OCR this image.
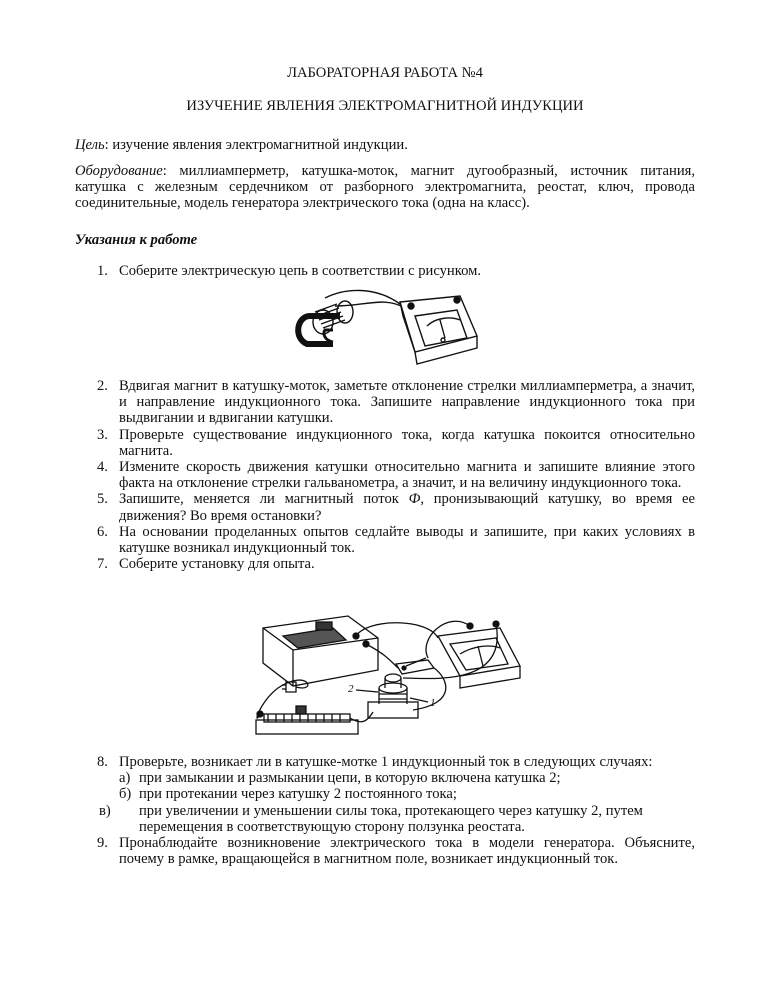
ЛАБОРАТОРНАЯ РАБОТА №4
ИЗУЧЕНИЕ ЯВЛЕНИЯ ЭЛЕКТРОМАГНИТНОЙ ИНДУКЦИИ
Цель: изучение явления электромагнитной индукции.
Оборудование: миллиамперметр, катушка-моток, магнит дугообразный, источник питания, катушка с железным сердечником от разборного электромагнита, реостат, ключ, провода соединительные, модель генератора электрического тока (одна на класс).
Указания к работе
1. Соберите электрическую цепь в соответствии с рисунком.
2. Вдвигая магнит в катушку-моток, заметьте отклонение стрелки миллиамперметра, а значит, и направление индукционного тока. Запишите направление индукционного тока при выдвигании и вдвигании катушки.
3. Проверьте существование индукционного тока, когда катушка покоится относительно магнита.
4. Измените скорость движения катушки относительно магнита и запишите влияние этого факта на отклонение стрелки гальванометра, а значит, и на величину индукционного тока.
5. Запишите, меняется ли магнитный поток Ф, пронизывающий катушку, во время ее движения? Во время остановки?
6. На основании проделанных опытов седлайте выводы и запишите, при каких условиях в катушке возникал индукционный ток.
7. Соберите установку для опыта.
8. Проверьте, возникает ли в катушке-мотке 1 индукционный ток в следующих случаях:
а) при замыкании и размыкании цепи, в которую включена катушка 2;
б) при протекании через катушку 2 постоянного тока;
в) при увеличении и уменьшении силы тока, протекающего через катушку 2, путем перемещения в соответствующую сторону ползунка реостата.
9. Пронаблюдайте возникновение электрического тока в модели генератора. Объясните, почему в рамке, вращающейся в магнитном поле, возникает индукционный ток.
2
1
